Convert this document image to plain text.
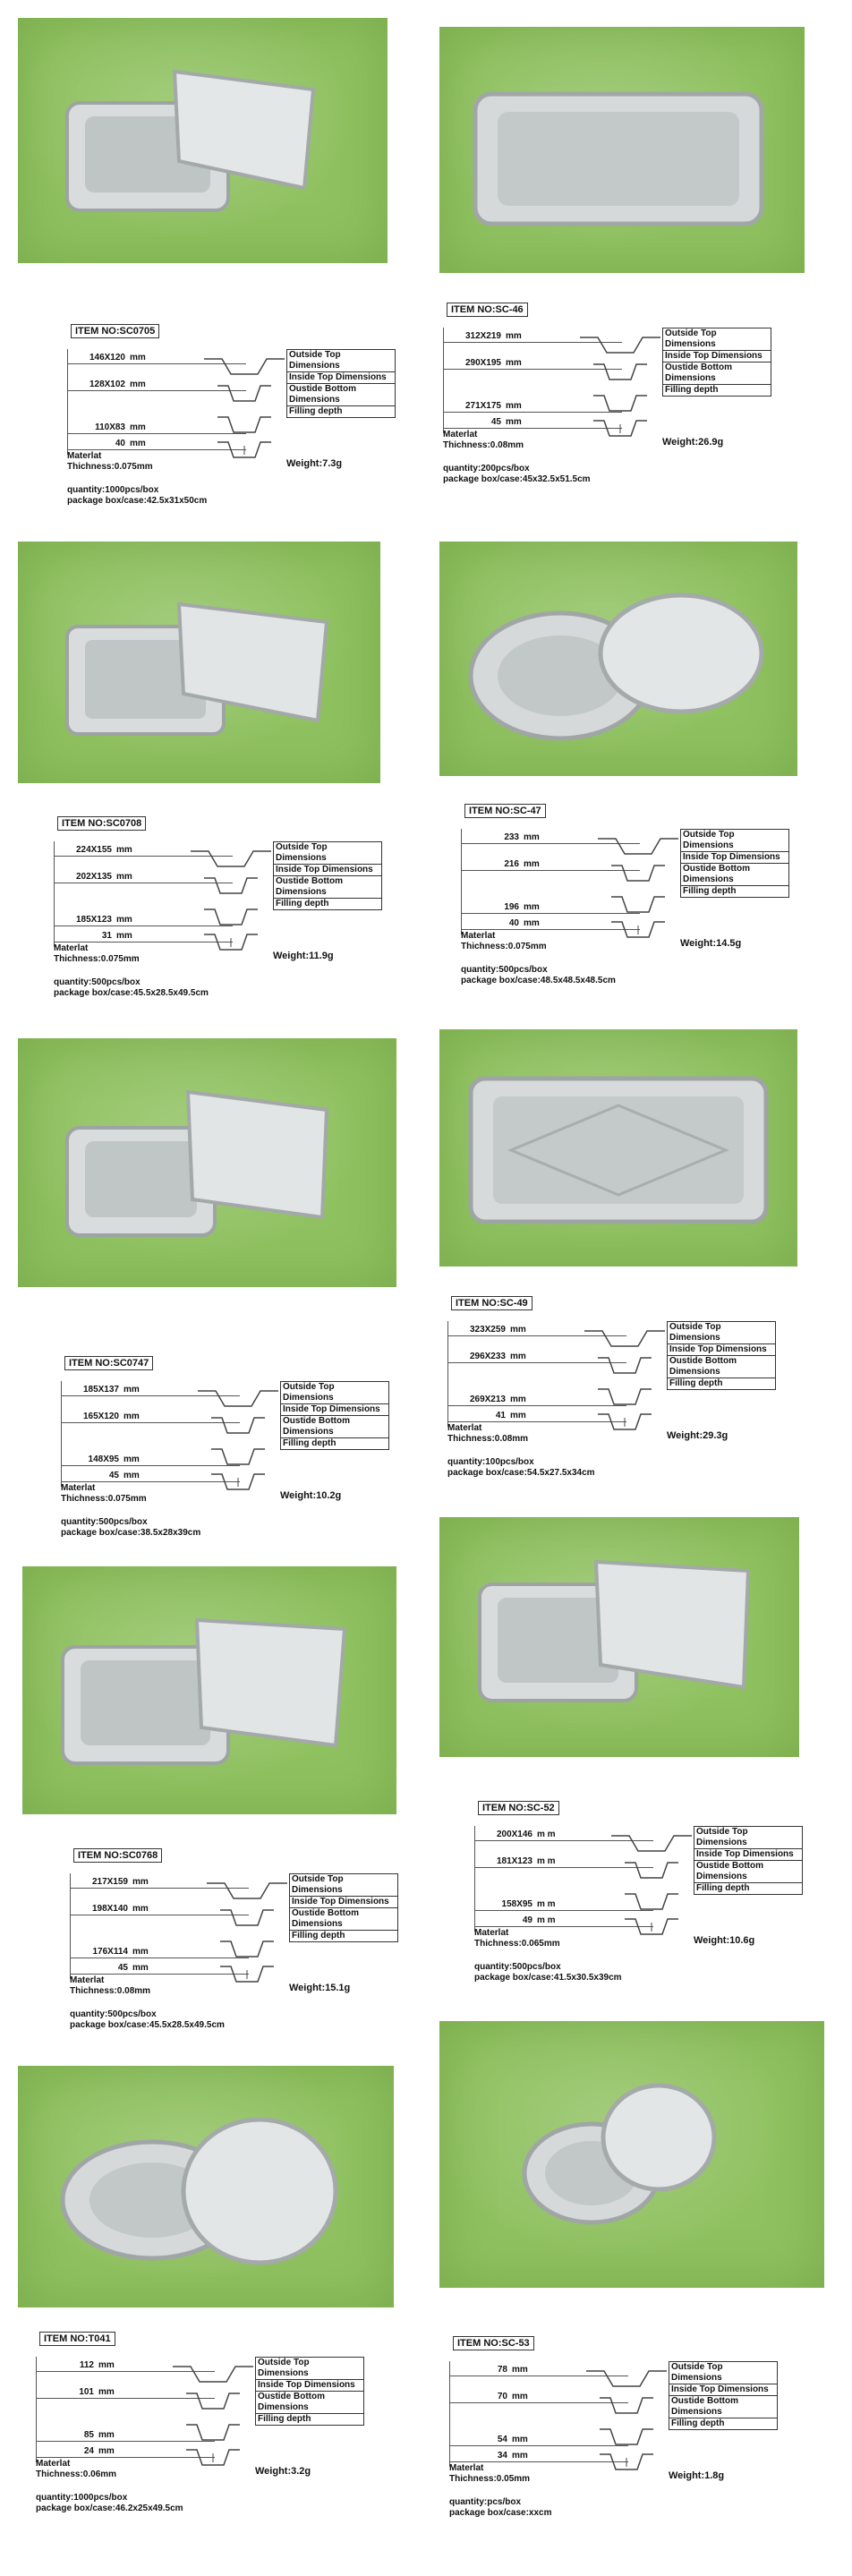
ITEM NO:SC0705
146X120 mm
128X102 mm
110X83 mm
40 mm
Outside Top Dimensions
Inside Top Dimensions
Oustide Bottom Dimensions
Filling depth
Materlat
Thichness:0.075mm	Weight:7.3g
quantity:1000pcs/box
package box/case:42.5x31x50cm
ITEM NO:SC-46
312X219 mm
290X195 mm
271X175 mm
45 mm
Outside Top Dimensions
Inside Top Dimensions
Oustide Bottom Dimensions
Filling depth
Materlat
Thichness:0.08mm	Weight:26.9g
quantity:200pcs/box
package box/case:45x32.5x51.5cm
ITEM NO:SC0708
224X155 mm
202X135 mm
185X123 mm
31 mm
Outside Top Dimensions
Inside Top Dimensions
Oustide Bottom Dimensions
Filling depth
Materlat
Thichness:0.075mm	Weight:11.9g
quantity:500pcs/box
package box/case:45.5x28.5x49.5cm
ITEM NO:SC-47
233 mm
216 mm
196 mm
40 mm
Outside Top Dimensions
Inside Top Dimensions
Oustide Bottom Dimensions
Filling depth
Materlat
Thichness:0.075mm	Weight:14.5g
quantity:500pcs/box
package box/case:48.5x48.5x48.5cm
ITEM NO:SC0747
185X137 mm
165X120 mm
148X95 mm
45 mm
Outside Top Dimensions
Inside Top Dimensions
Oustide Bottom Dimensions
Filling depth
Materlat
Thichness:0.075mm	Weight:10.2g
quantity:500pcs/box
package box/case:38.5x28x39cm
ITEM NO:SC-49
323X259 mm
296X233 mm
269X213 mm
41 mm
Outside Top Dimensions
Inside Top Dimensions
Oustide Bottom Dimensions
Filling depth
Materlat
Thichness:0.08mm	Weight:29.3g
quantity:100pcs/box
package box/case:54.5x27.5x34cm
ITEM NO:SC0768
217X159 mm
198X140 mm
176X114 mm
45 mm
Outside Top Dimensions
Inside Top Dimensions
Oustide Bottom Dimensions
Filling depth
Materlat
Thichness:0.08mm	Weight:15.1g
quantity:500pcs/box
package box/case:45.5x28.5x49.5cm
ITEM NO:SC-52
200X146 m m
181X123 m m
158X95 m m
49 m m
Outside Top Dimensions
Inside Top Dimensions
Oustide Bottom Dimensions
Filling depth
Materlat
Thichness:0.065mm	Weight:10.6g
quantity:500pcs/box
package box/case:41.5x30.5x39cm
ITEM NO:T041
112 mm
101 mm
85 mm
24 mm
Outside Top Dimensions
Inside Top Dimensions
Oustide Bottom Dimensions
Filling depth
Materlat
Thichness:0.06mm	Weight:3.2g
quantity:1000pcs/box
package box/case:46.2x25x49.5cm
ITEM NO:SC-53
78 mm
70 mm
54 mm
34 mm
Outside Top Dimensions
Inside Top Dimensions
Oustide Bottom Dimensions
Filling depth
Materlat
Thichness:0.05mm	Weight:1.8g
quantity:pcs/box
package box/case:xxcm
